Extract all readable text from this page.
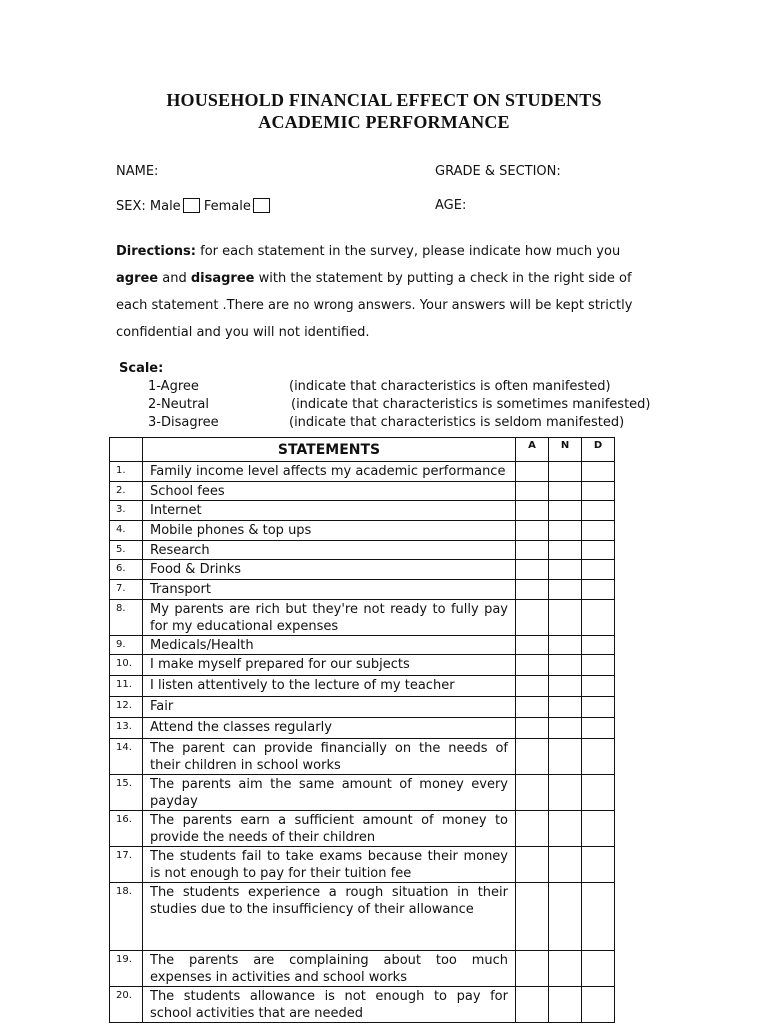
HOUSEHOLD FINANCIAL EFFECT ON STUDENTS
ACADEMIC PERFORMANCE
NAME:	GRADE & SECTION:
SEX: Male Female	AGE:
Directions: for each statement in the survey, please indicate how much you agree and disagree with the statement by putting a check in the right side of each statement .There are no wrong answers. Your answers will be kept strictly confidential and you will not identified.
Scale:
1-Agree	(indicate that characteristics is often manifested)
2-Neutral	(indicate that characteristics is sometimes manifested)
3-Disagree	(indicate that characteristics is seldom manifested)
	STATEMENTS	A	N	D
1.	Family income level affects my academic performance			
2.	School fees			
3.	Internet			
4.	Mobile phones & top ups			
5.	Research			
6.	Food & Drinks			
7.	Transport			
8.	My parents are rich but they're not ready to fully pay for my educational expenses			
9.	Medicals/Health			
10.	I make myself prepared for our subjects			
11.	I listen attentively to the lecture of my teacher			
12.	Fair			
13.	Attend the classes regularly			
14.	The parent can provide financially on the needs of their children in school works			
15.	The parents aim the same amount of money every payday			
16.	The parents earn a sufficient amount of money to provide the needs of their children			
17.	The students fail to take exams because their money is not enough to pay for their tuition fee			
18.	The students experience a rough situation in their studies due to the insufficiency of their allowance			
19.	The parents are complaining about too much expenses in activities and school works			
20.	The students allowance is not enough to pay for school activities that are needed			
